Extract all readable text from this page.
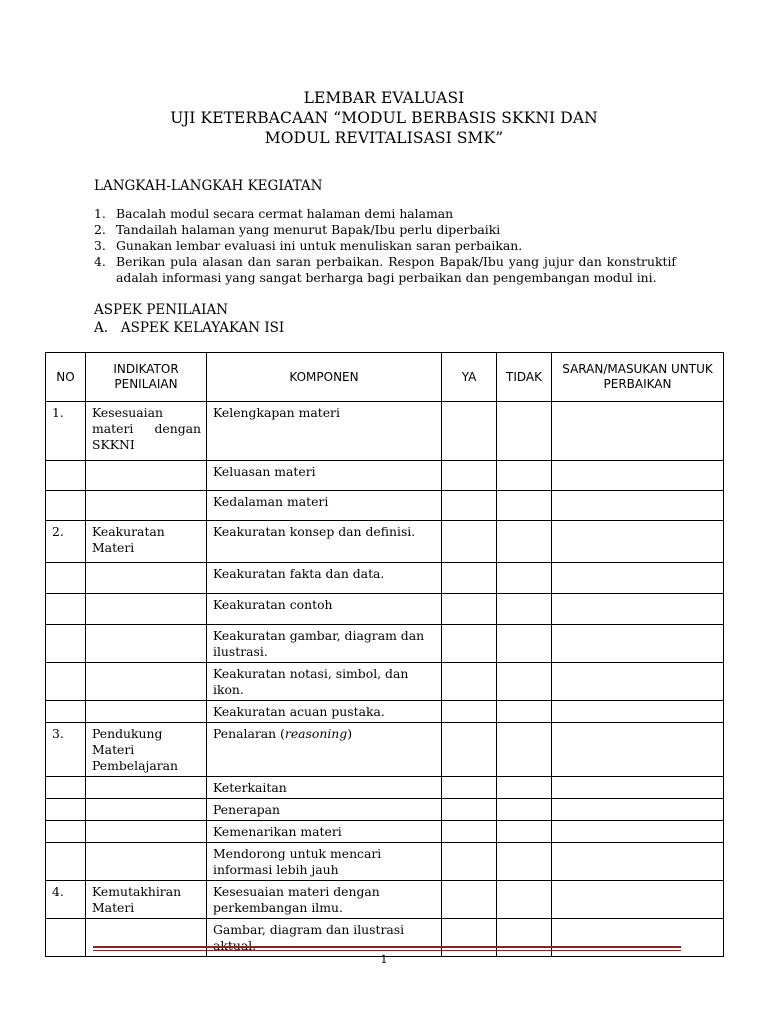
LEMBAR EVALUASI
UJI KETERBACAAN “MODUL BERBASIS SKKNI DAN
MODUL REVITALISASI SMK”
LANGKAH-LANGKAH KEGIATAN
1. Bacalah modul secara cermat halaman demi halaman
2. Tandailah halaman yang menurut Bapak/Ibu perlu diperbaiki
3. Gunakan lembar evaluasi ini untuk menuliskan saran perbaikan.
4. Berikan pula alasan dan saran perbaikan. Respon Bapak/Ibu yang jujur dan konstruktif adalah informasi yang sangat berharga bagi perbaikan dan pengembangan modul ini.
ASPEK PENILAIAN
A.   ASPEK KELAYAKAN ISI
NO	INDIKATOR PENILAIAN	KOMPONEN	YA	TIDAK	SARAN/MASUKAN UNTUK PERBAIKAN
1.	Kesesuaian materi dengan SKKNI	Kelengkapan materi			
		Keluasan materi			
		Kedalaman materi			
2.	Keakuratan Materi	Keakuratan konsep dan definisi.			
		Keakuratan fakta dan data.			
		Keakuratan contoh			
		Keakuratan gambar, diagram dan ilustrasi.			
		Keakuratan notasi, simbol, dan ikon.			
		Keakuratan acuan pustaka.			
3.	Pendukung Materi Pembelajaran	Penalaran (reasoning)			
		Keterkaitan			
		Penerapan			
		Kemenarikan materi			
		Mendorong untuk mencari informasi lebih jauh			
4.	Kemutakhiran Materi	Kesesuaian materi dengan perkembangan ilmu.			
		Gambar, diagram dan ilustrasi			
1
